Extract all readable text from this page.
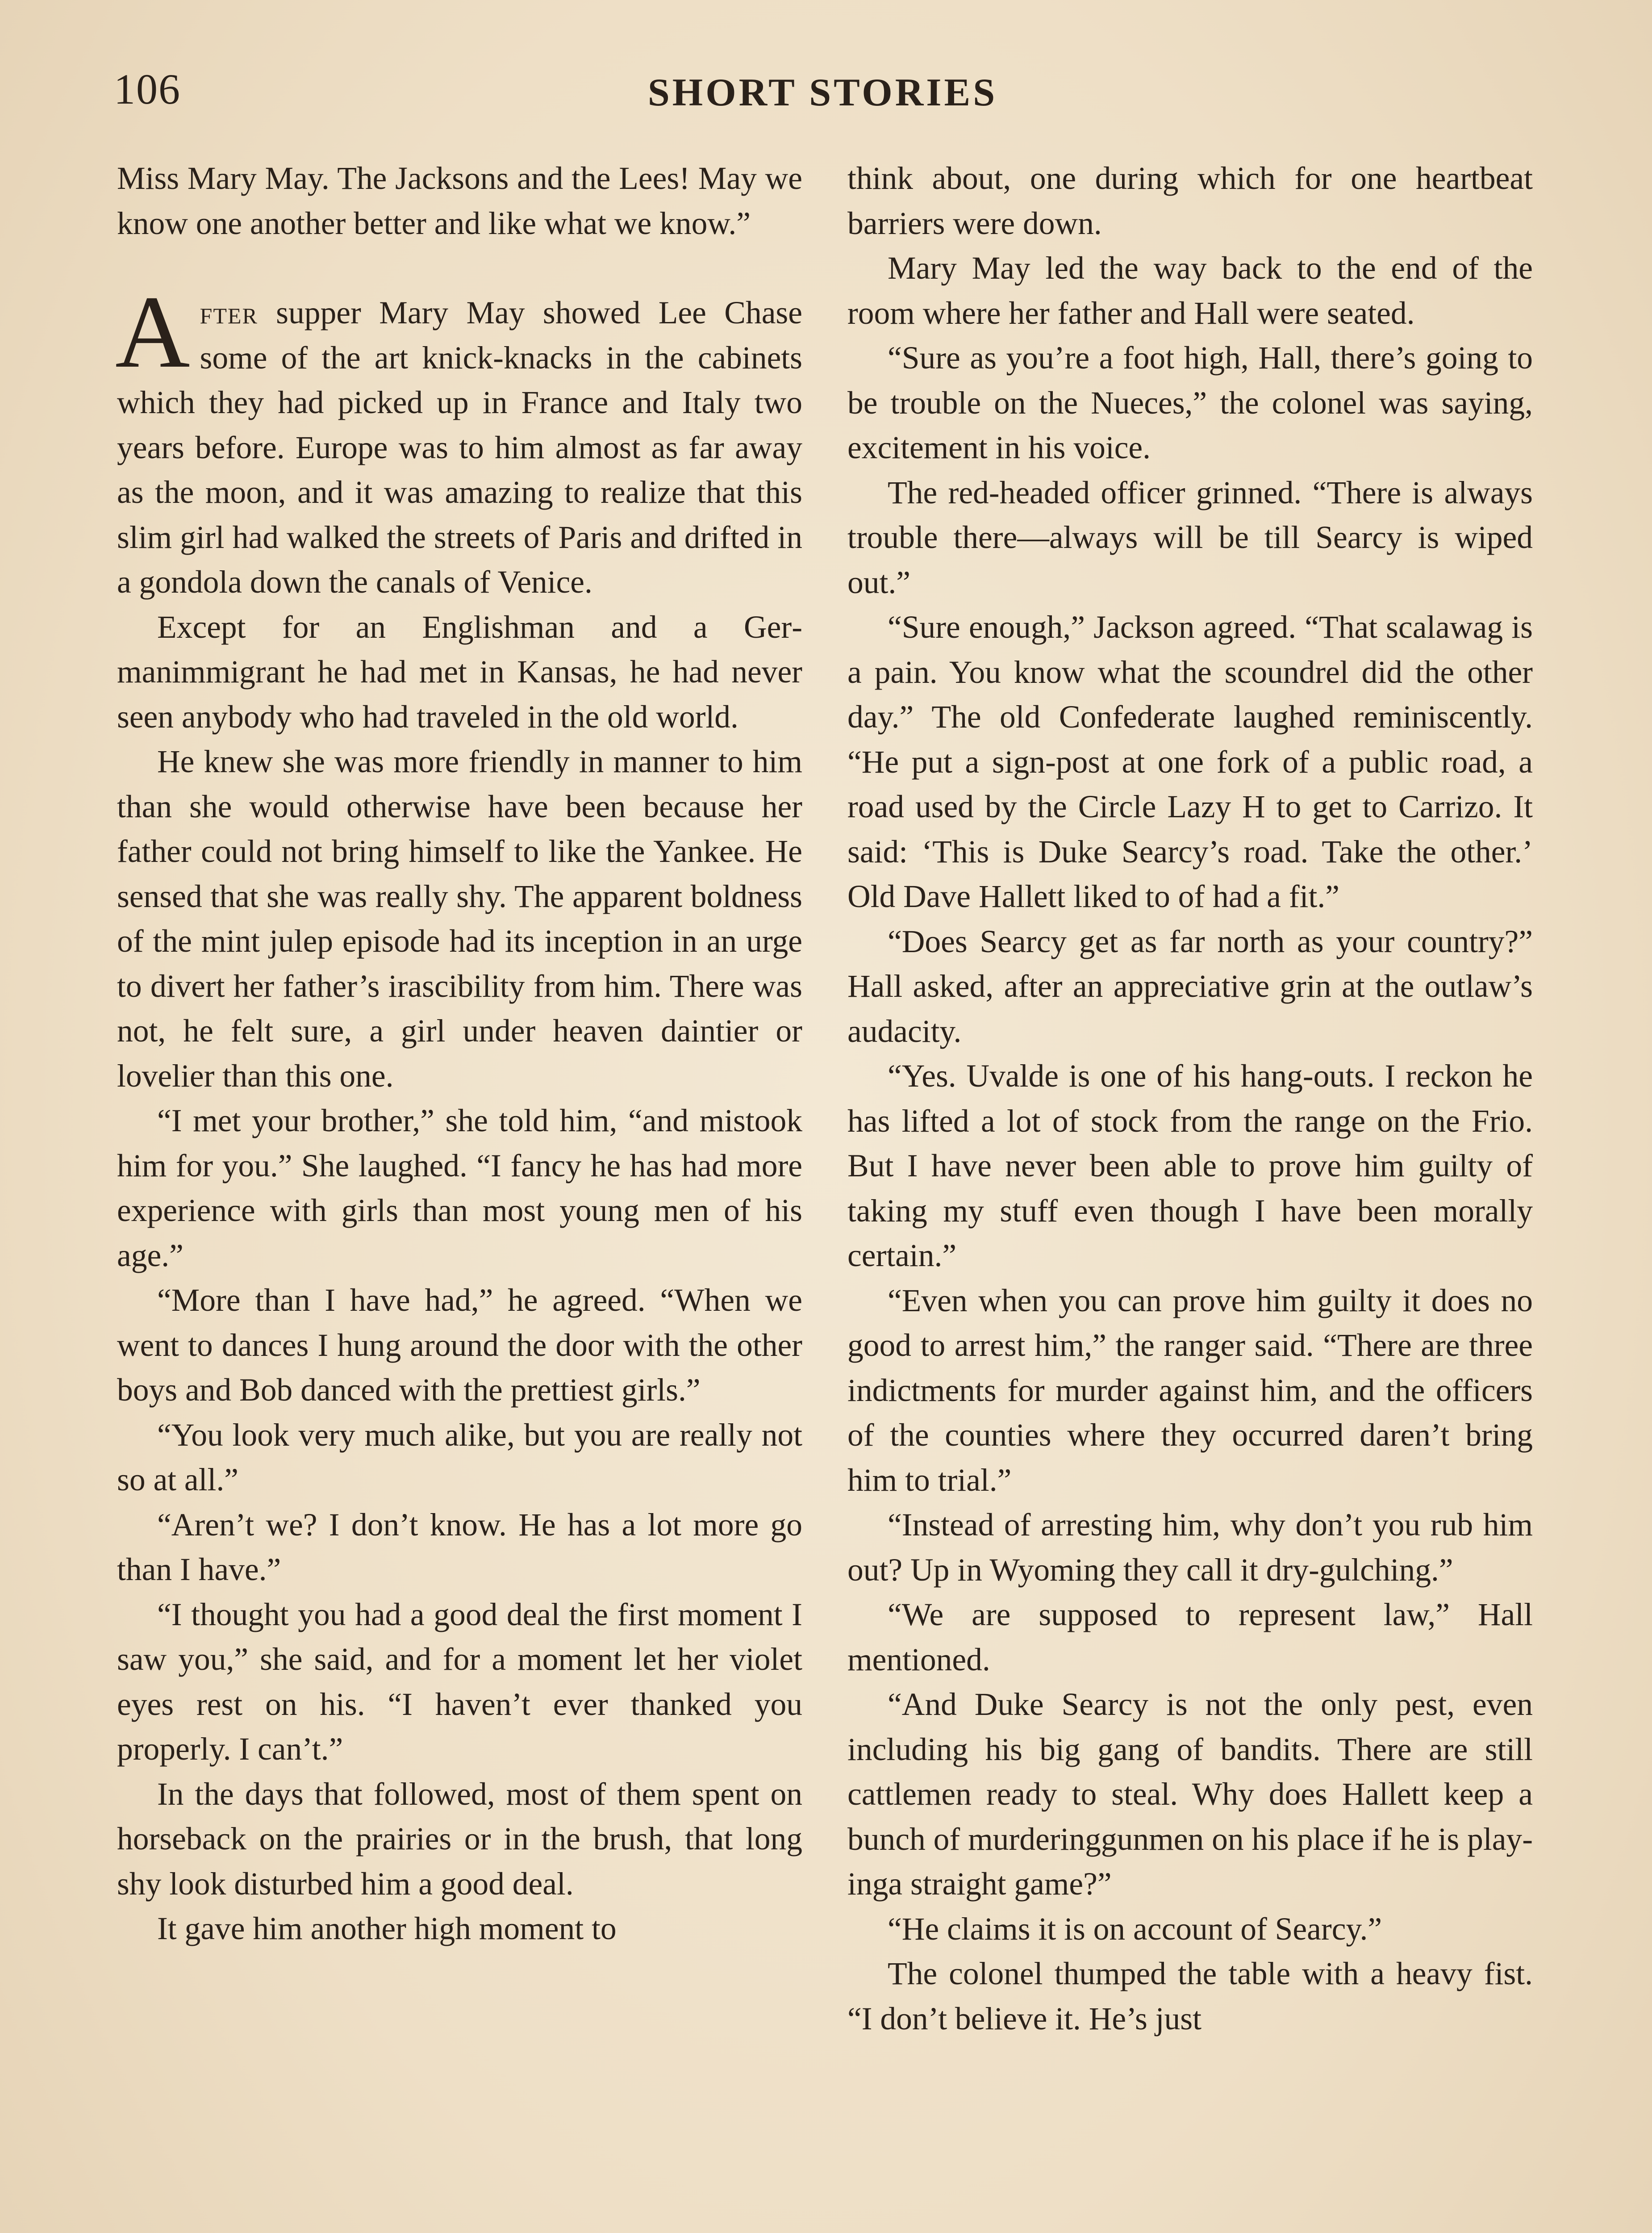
106	SHORT STORIES

Miss Mary May. The Jacksons and the Lees! May we know one another better and like what we know.”

After supper Mary May showed Lee Chase some of the art knick-knacks in the cabinets which they had picked up in France and Italy two years before. Europe was to him almost as far away as the moon, and it was amazing to realize that this slim girl had walked the streets of Paris and drifted in a gondola down the canals of Venice.

Except for an Englishman and a Germanimmigrant he had met in Kansas, he had never seen anybody who had traveled in the old world.

He knew she was more friendly in manner to him than she would otherwise have been because her father could not bring himself to like the Yankee. He sensed that she was really shy. The apparent boldness of the mint julep episode had its inception in an urge to divert her father’s irascibility from him. There was not, he felt sure, a girl under heaven daintier or lovelier than this one.

“I met your brother,” she told him, “and mistook him for you.” She laughed. “I fancy he has had more experience with girls than most young men of his age.”

“More than I have had,” he agreed. “When we went to dances I hung around the door with the other boys and Bob danced with the prettiest girls.”

“You look very much alike, but you are really not so at all.”

“Aren’t we? I don’t know. He has a lot more go than I have.”

“I thought you had a good deal the first moment I saw you,” she said, and for a moment let her violet eyes rest on his. “I haven’t ever thanked you properly. I can’t.”

In the days that followed, most of them spent on horseback on the prairies or in the brush, that long shy look disturbed him a good deal.

It gave him another high moment to

think about, one during which for one heartbeat barriers were down.

Mary May led the way back to the end of the room where her father and Hall were seated.

“Sure as you’re a foot high, Hall, there’s going to be trouble on the Nueces,” the colonel was saying, excitement in his voice.

The red-headed officer grinned. “There is always trouble there—always will be till Searcy is wiped out.”

“Sure enough,” Jackson agreed. “That scalawag is a pain. You know what the scoundrel did the other day.” The old Confederate laughed reminiscently. “He put a sign-post at one fork of a public road, a road used by the Circle Lazy H to get to Carrizo. It said: ‘This is Duke Searcy’s road. Take the other.’ Old Dave Hallett liked to of had a fit.”

“Does Searcy get as far north as your country?” Hall asked, after an appreciative grin at the outlaw’s audacity.

“Yes. Uvalde is one of his hang-outs. I reckon he has lifted a lot of stock from the range on the Frio. But I have never been able to prove him guilty of taking my stuff even though I have been morally certain.”

“Even when you can prove him guilty it does no good to arrest him,” the ranger said. “There are three indictments for murder against him, and the officers of the counties where they occurred daren’t bring him to trial.”

“Instead of arresting him, why don’t you rub him out? Up in Wyoming they call it dry-gulching.”

“We are supposed to represent law,” Hall mentioned.

“And Duke Searcy is not the only pest, even including his big gang of bandits. There are still cattlemen ready to steal. Why does Hallett keep a bunch of murderinggunmen on his place if he is playinga straight game?”

“He claims it is on account of Searcy.”

The colonel thumped the table with a heavy fist. “I don’t believe it. He’s just
